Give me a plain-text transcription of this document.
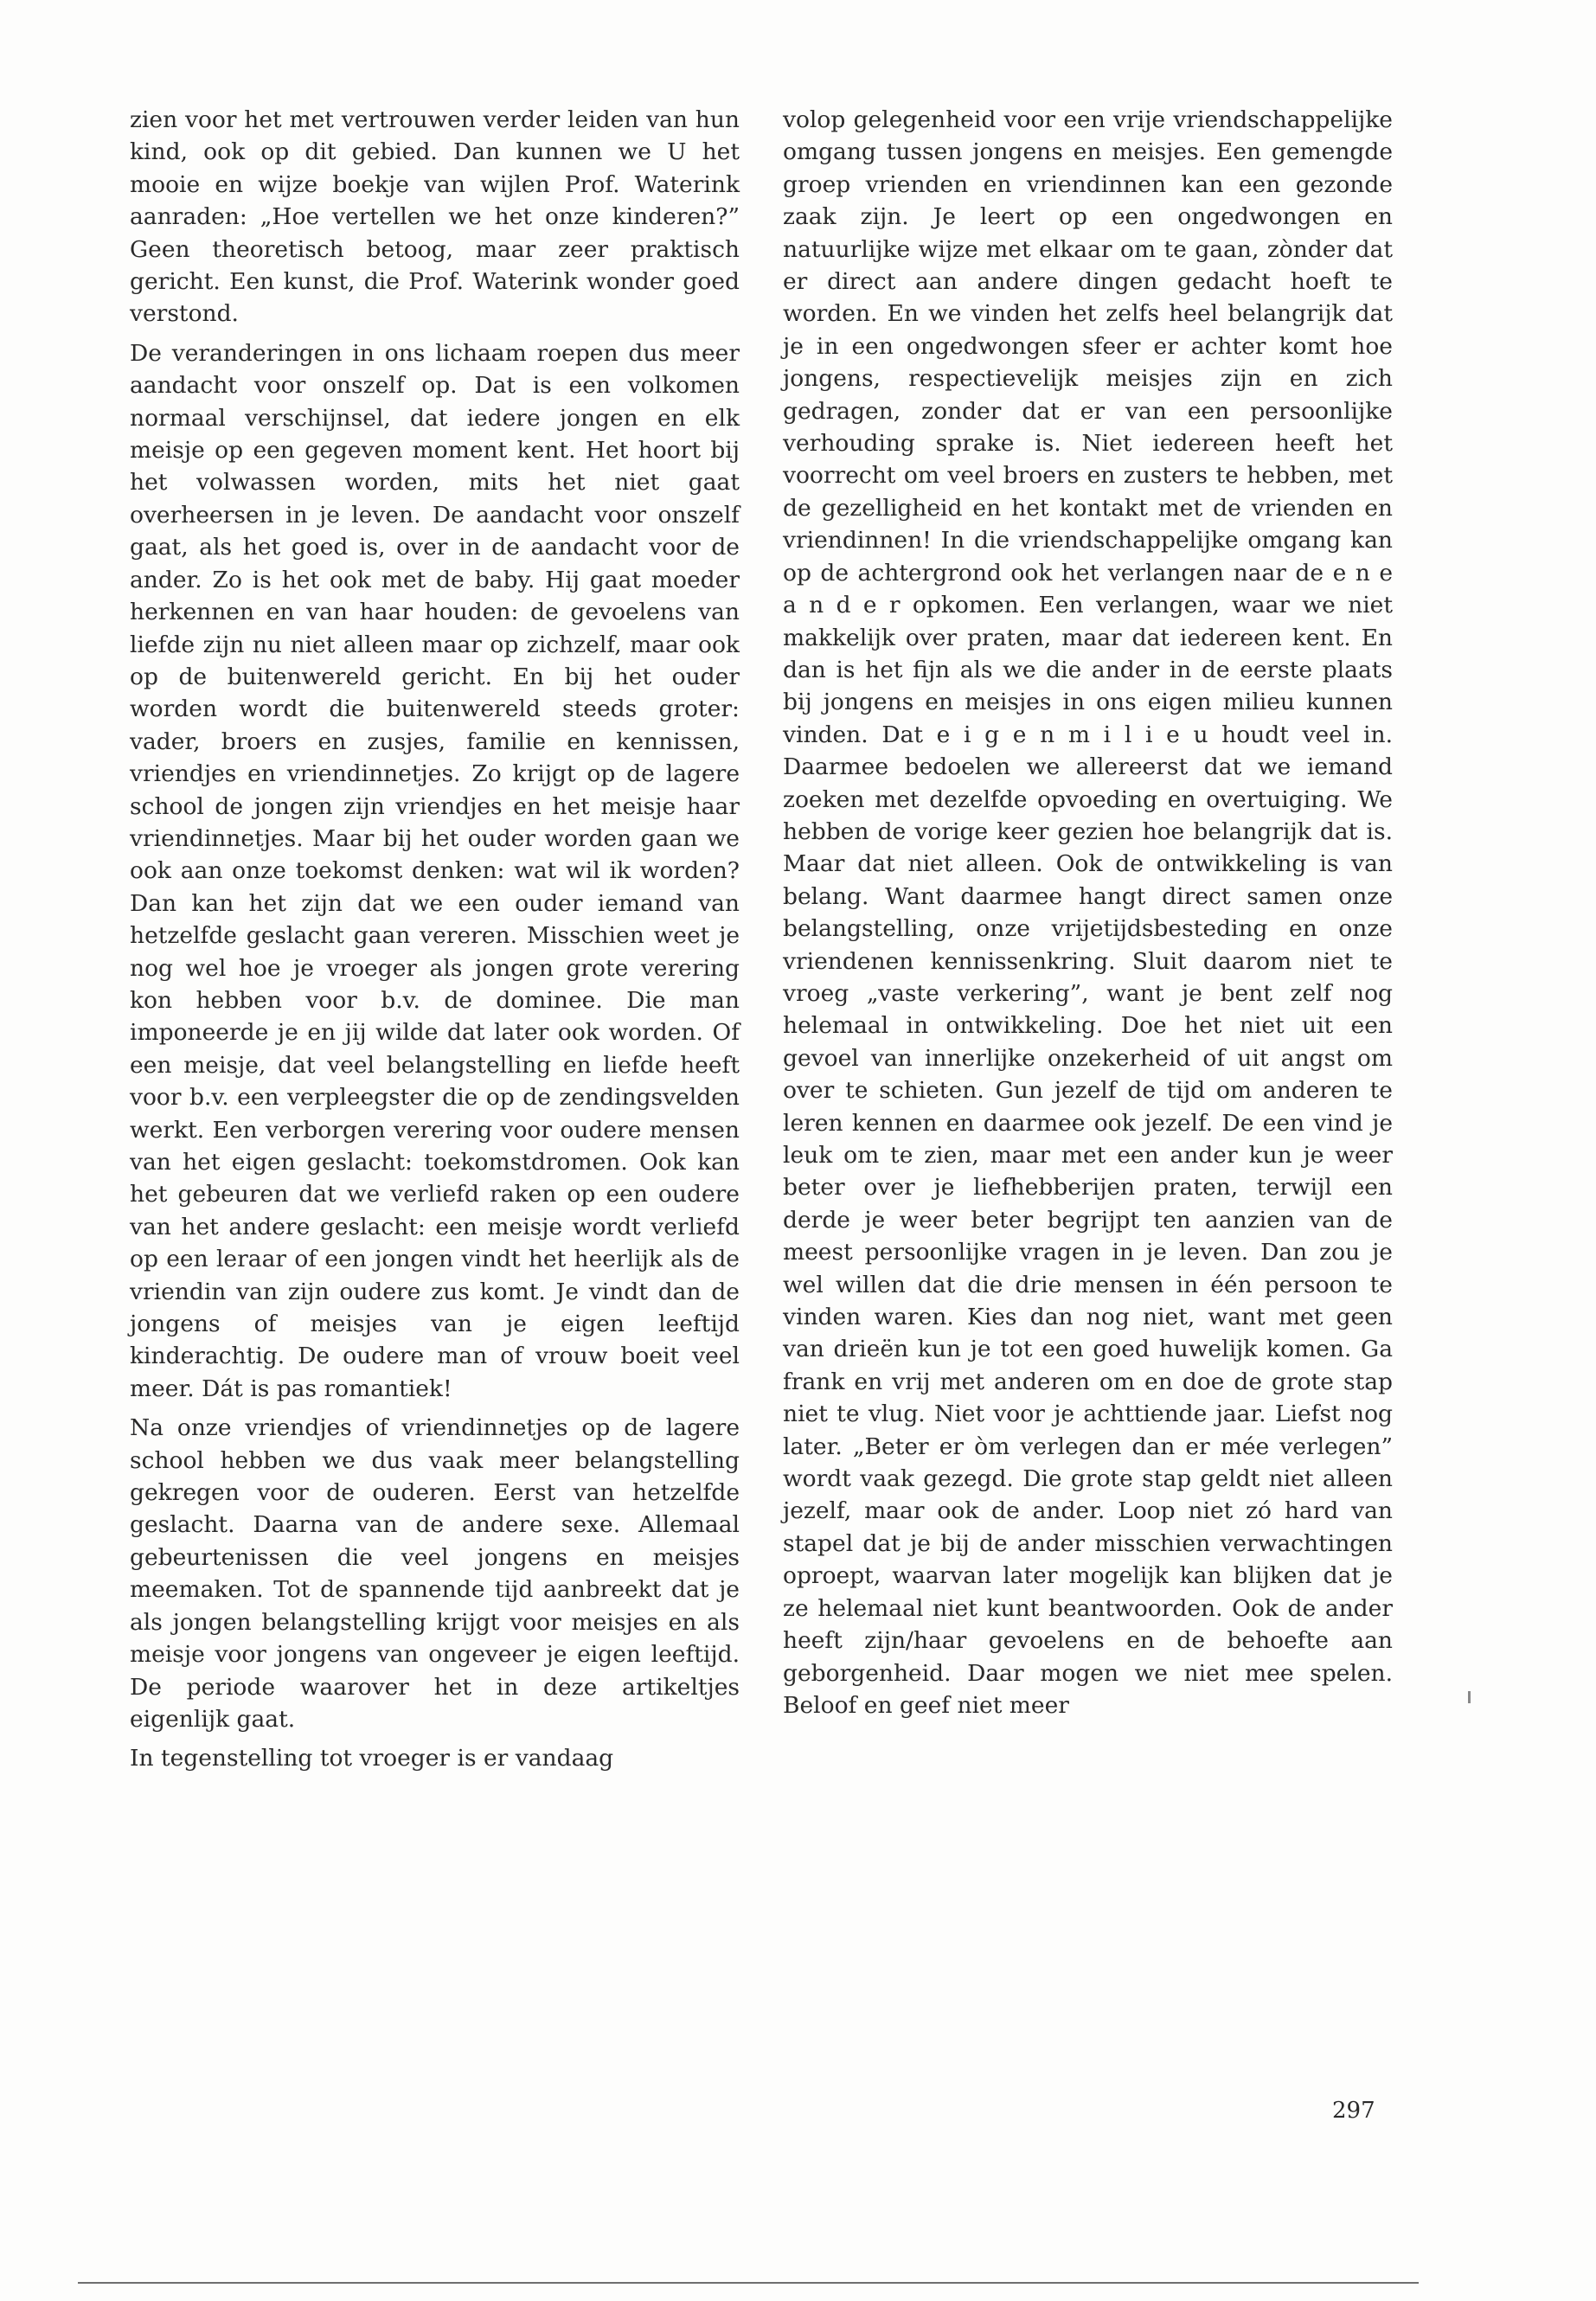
zien voor het met vertrouwen verder leiden van hun kind, ook op dit gebied. Dan kunnen we U het mooie en wijze boekje van wijlen Prof. Waterink aanraden: „Hoe vertellen we het onze kinderen?” Geen theoretisch betoog, maar zeer praktisch gericht. Een kunst, die Prof. Waterink wonder goed verstond.

De veranderingen in ons lichaam roepen dus meer aandacht voor onszelf op. Dat is een volkomen normaal verschijnsel, dat iedere jongen en elk meisje op een gegeven moment kent. Het hoort bij het volwassen worden, mits het niet gaat overheersen in je leven. De aandacht voor onszelf gaat, als het goed is, over in de aandacht voor de ander. Zo is het ook met de baby. Hij gaat moeder herkennen en van haar houden: de gevoelens van liefde zijn nu niet alleen maar op zichzelf, maar ook op de buitenwereld gericht. En bij het ouder worden wordt die buitenwereld steeds groter: vader, broers en zusjes, familie en kennissen, vriendjes en vriendinnetjes. Zo krijgt op de lagere school de jongen zijn vriendjes en het meisje haar vriendinnetjes. Maar bij het ouder worden gaan we ook aan onze toekomst denken: wat wil ik worden? Dan kan het zijn dat we een ouder iemand van hetzelfde geslacht gaan vereren. Misschien weet je nog wel hoe je vroeger als jongen grote verering kon hebben voor b.v. de dominee. Die man imponeerde je en jij wilde dat later ook worden. Of een meisje, dat veel belangstelling en liefde heeft voor b.v. een verpleegster die op de zendingsvelden werkt. Een verborgen verering voor oudere mensen van het eigen geslacht: toekomstdromen. Ook kan het gebeuren dat we verliefd raken op een oudere van het andere geslacht: een meisje wordt verliefd op een leraar of een jongen vindt het heerlijk als de vriendin van zijn oudere zus komt. Je vindt dan de jongens of meisjes van je eigen leeftijd kinderachtig. De oudere man of vrouw boeit veel meer. Dát is pas romantiek!

Na onze vriendjes of vriendinnetjes op de lagere school hebben we dus vaak meer belangstelling gekregen voor de ouderen. Eerst van hetzelfde geslacht. Daarna van de andere sexe. Allemaal gebeurtenissen die veel jongens en meisjes meemaken. Tot de spannende tijd aanbreekt dat je als jongen belangstelling krijgt voor meisjes en als meisje voor jongens van ongeveer je eigen leeftijd. De periode waarover het in deze artikeltjes eigenlijk gaat.

In tegenstelling tot vroeger is er vandaag

volop gelegenheid voor een vrije vriendschappelijke omgang tussen jongens en meisjes. Een gemengde groep vrienden en vriendinnen kan een gezonde zaak zijn. Je leert op een ongedwongen en natuurlijke wijze met elkaar om te gaan, zònder dat er direct aan andere dingen gedacht hoeft te worden. En we vinden het zelfs heel belangrijk dat je in een ongedwongen sfeer er achter komt hoe jongens, respectievelijk meisjes zijn en zich gedragen, zonder dat er van een persoonlijke verhouding sprake is. Niet iedereen heeft het voorrecht om veel broers en zusters te hebben, met de gezelligheid en het kontakt met de vrienden en vriendinnen! In die vriendschappelijke omgang kan op de achtergrond ook het verlangen naar de e n e a n d e r opkomen. Een verlangen, waar we niet makkelijk over praten, maar dat iedereen kent. En dan is het fijn als we die ander in de eerste plaats bij jongens en meisjes in ons eigen milieu kunnen vinden. Dat e i g e n m i l i e u houdt veel in. Daarmee bedoelen we allereerst dat we iemand zoeken met dezelfde opvoeding en overtuiging. We hebben de vorige keer gezien hoe belangrijk dat is. Maar dat niet alleen. Ook de ontwikkeling is van belang. Want daarmee hangt direct samen onze belangstelling, onze vrijetijdsbesteding en onze vriendenen kennissenkring. Sluit daarom niet te vroeg „vaste verkering”, want je bent zelf nog helemaal in ontwikkeling. Doe het niet uit een gevoel van innerlijke onzekerheid of uit angst om over te schieten. Gun jezelf de tijd om anderen te leren kennen en daarmee ook jezelf. De een vind je leuk om te zien, maar met een ander kun je weer beter over je liefhebberijen praten, terwijl een derde je weer beter begrijpt ten aanzien van de meest persoonlijke vragen in je leven. Dan zou je wel willen dat die drie mensen in één persoon te vinden waren. Kies dan nog niet, want met geen van drieën kun je tot een goed huwelijk komen. Ga frank en vrij met anderen om en doe de grote stap niet te vlug. Niet voor je achttiende jaar. Liefst nog later. „Beter er òm verlegen dan er mée verlegen” wordt vaak gezegd. Die grote stap geldt niet alleen jezelf, maar ook de ander. Loop niet zó hard van stapel dat je bij de ander misschien verwachtingen oproept, waarvan later mogelijk kan blijken dat je ze helemaal niet kunt beantwoorden. Ook de ander heeft zijn/haar gevoelens en de behoefte aan geborgenheid. Daar mogen we niet mee spelen. Beloof en geef niet meer

297
